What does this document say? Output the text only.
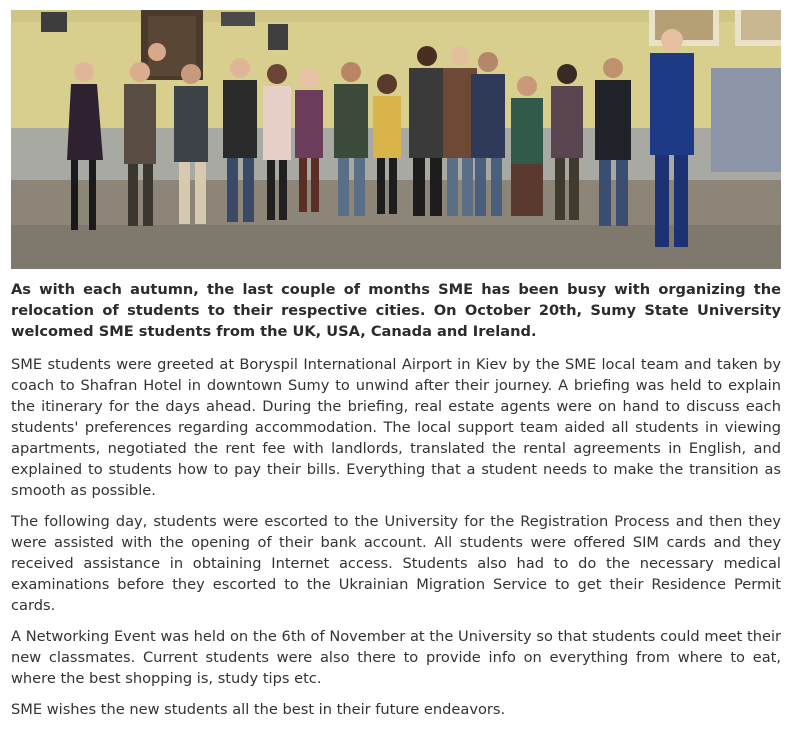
As with each autumn, the last couple of months SME has been busy with organizing the relocation of students to their respective cities. On October 20th, Sumy State University welcomed SME students from the UK, USA, Canada and Ireland.

SME students were greeted at Boryspil International Airport in Kiev by the SME local team and taken by coach to Shafran Hotel in downtown Sumy to unwind after their journey. A briefing was held to explain the itinerary for the days ahead. During the briefing, real estate agents were on hand to discuss each students' preferences regarding accommodation. The local support team aided all students in viewing apartments, negotiated the rent fee with landlords, translated the rental agreements in English, and explained to students how to pay their bills. Everything that a student needs to make the transition as smooth as possible.

The following day, students were escorted to the University for the Registration Process and then they were assisted with the opening of their bank account. All students were offered SIM cards and they received assistance in obtaining Internet access. Students also had to do the necessary medical examinations before they escorted to the Ukrainian Migration Service to get their Residence Permit cards.

A Networking Event was held on the 6th of November at the University so that students could meet their new classmates. Current students were also there to provide info on everything from where to eat, where the best shopping is, study tips etc.

SME wishes the new students all the best in their future endeavors.
